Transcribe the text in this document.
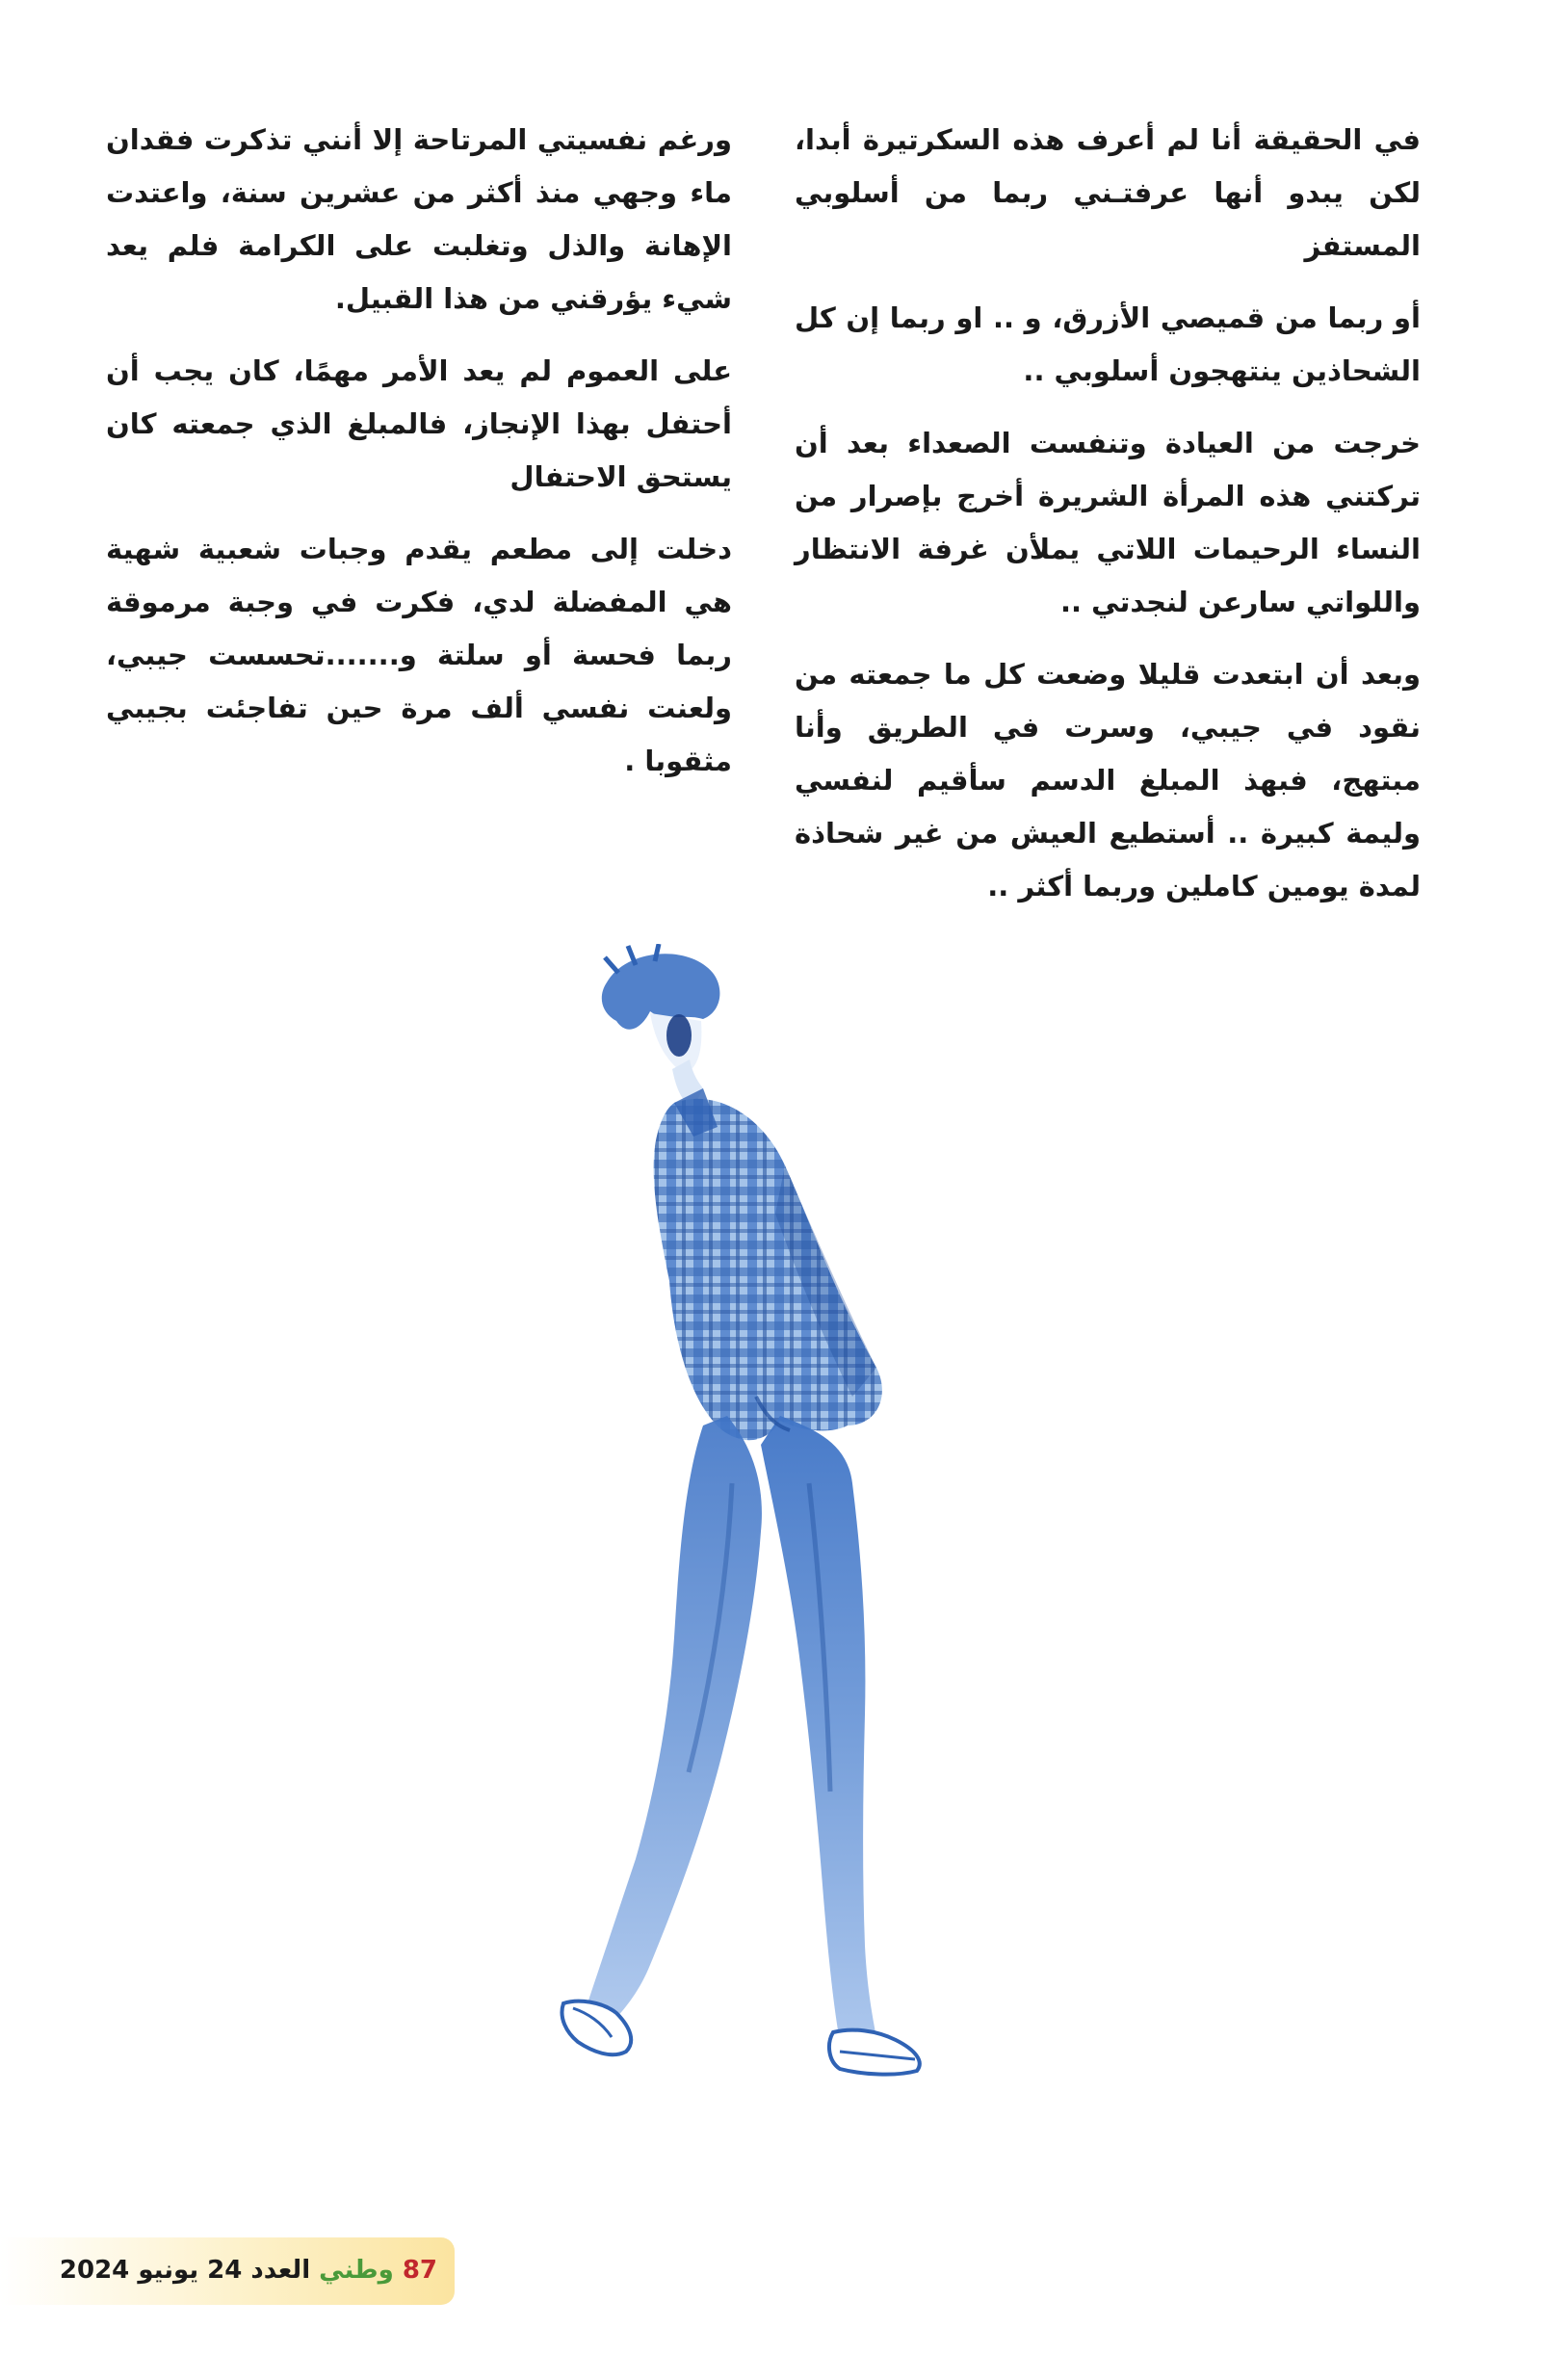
في الحقيقة أنا لم أعرف هذه السكرتيرة أبدا، لكن يبدو أنها عرفتـني ربما من أسلوبي المستفز

أو ربما من قميصي الأزرق، و .. او ربما إن كل الشحاذين ينتهجون أسلوبي ..

خرجت من العيادة وتنفست الصعداء بعد أن تركتني هذه المرأة الشريرة أخرج بإصرار من النساء الرحيمات اللاتي يملأن غرفة الانتظار واللواتي سارعن لنجدتي ..

وبعد أن ابتعدت قليلا وضعت كل ما جمعته من نقود في جيبي، وسرت في الطريق وأنا مبتهج، فبهذ المبلغ الدسم سأقيم لنفسي وليمة كبيرة .. أستطيع العيش من غير شحاذة لمدة يومين كاملين وربما أكثر ..

ورغم نفسيتي المرتاحة إلا أنني تذكرت فقدان ماء وجهي منذ أكثر من عشرين سنة، واعتدت الإهانة والذل وتغلبت على الكرامة فلم يعد شيء يؤرقني من هذا القبيل.

على العموم لم يعد الأمر مهمًا، كان يجب أن أحتفل بهذا الإنجاز، فالمبلغ الذي جمعته كان يستحق الاحتفال

دخلت إلى مطعم يقدم وجبات شعبية شهية هي المفضلة لدي، فكرت في وجبة مرموقة ربما فحسة أو سلتة و.......تحسست جيبي، ولعنت نفسي ألف مرة حين تفاجئت بجيبي مثقوبا .

87 وطني العدد 24 يونيو 2024
